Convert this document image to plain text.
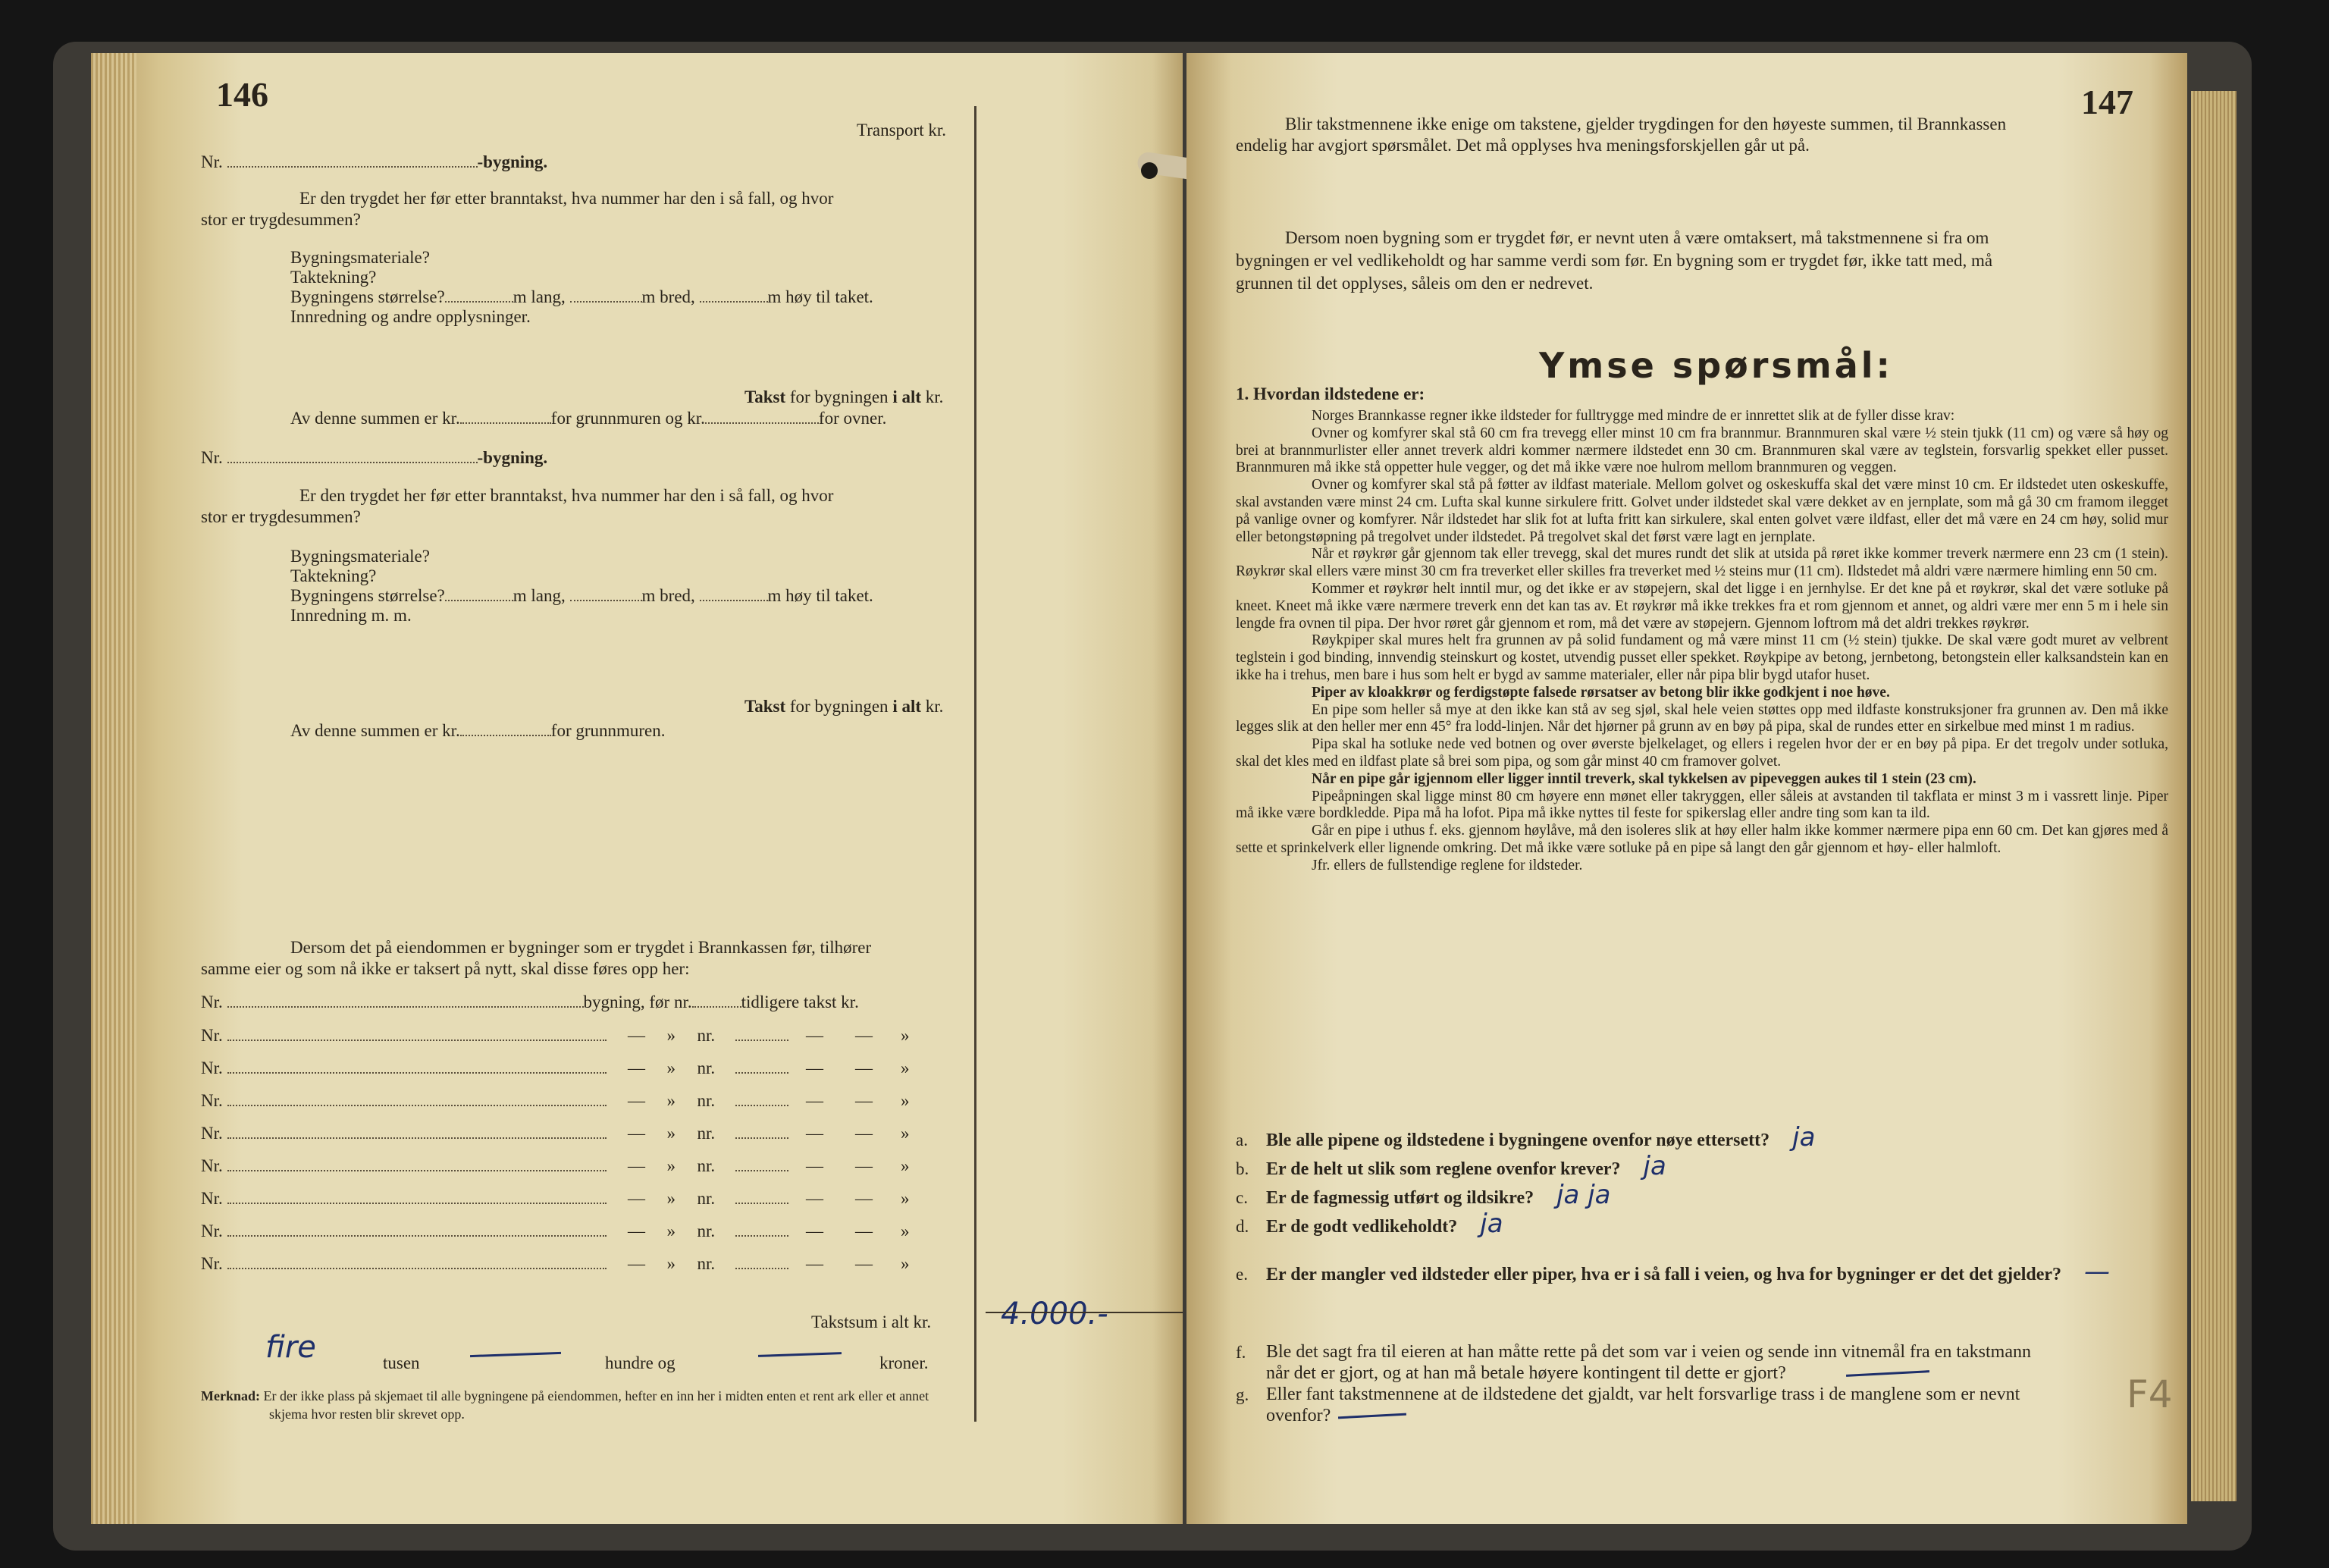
146
Transport kr.
Nr.	-bygning.
Er den trygdet her før etter branntakst, hva nummer har den i så fall, og hvor
stor er trygdesummen?
Bygningsmateriale?
Taktekning?
Bygningens størrelse?	m lang,	m bred,	m høy til taket.
Innredning og andre opplysninger.
Takst for bygningen i alt kr.
Av denne summen er kr.	for grunnmuren og kr.	for ovner.
Nr.	-bygning.
Er den trygdet her før etter branntakst, hva nummer har den i så fall, og hvor
stor er trygdesummen?
Bygningsmateriale?
Taktekning?
Bygningens størrelse?	m lang,	m bred,	m høy til taket.
Innredning m. m.
Takst for bygningen i alt kr.
Av denne summen er kr.	for grunnmuren.
Dersom det på eiendommen er bygninger som er trygdet i Brannkassen før, tilhører
samme eier og som nå ikke er taksert på nytt, skal disse føres opp her:
Nr.	bygning, før nr.	tidligere takst kr.
Nr.	— » nr.	— — »
Nr.	— » nr.	— — »
Nr.	— » nr.	— — »
Nr.	— » nr.	— — »
Nr.	— » nr.	— — »
Nr.	— » nr.	— — »
Nr.	— » nr.	— — »
Nr.	— » nr.	— — »
Takstsum i alt kr. 4.000.-
fire	tusen	hundre og	kroner.
Merknad: Er der ikke plass på skjemaet til alle bygningene på eiendommen, hefter en inn her i midten enten et rent ark eller et annet
skjema hvor resten blir skrevet opp.
147
Blir takstmennene ikke enige om takstene, gjelder trygdingen for den høyeste summen, til Brannkassen
endelig har avgjort spørsmålet. Det må opplyses hva meningsforskjellen går ut på.
Dersom noen bygning som er trygdet før, er nevnt uten å være omtaksert, må takstmennene si fra om
bygningen er vel vedlikeholdt og har samme verdi som før. En bygning som er trygdet før, ikke tatt med, må
grunnen til det opplyses, såleis om den er nedrevet.
Ymse spørsmål:
1. Hvordan ildstedene er:
Norges Brannkasse regner ikke ildsteder for fulltrygge med mindre de er innrettet slik at de fyller disse krav:
Ovner og komfyrer skal stå 60 cm fra trevegg eller minst 10 cm fra brannmur. Brannmuren skal være ½ stein tjukk (11 cm) og være så høy og brei at brannmurlister eller annet treverk aldri kommer nærmere ildstedet enn 30 cm. Brannmuren skal være av teglstein, forsvarlig spekket eller pusset. Brannmuren må ikke stå oppetter hule vegger, og det må ikke være noe hulrom mellom brannmuren og veggen.
Ovner og komfyrer skal stå på føtter av ildfast materiale. Mellom golvet og oskeskuffa skal det være minst 10 cm. Er ildstedet uten oskeskuffe, skal avstanden være minst 24 cm. Lufta skal kunne sirkulere fritt. Golvet under ildstedet skal være dekket av en jernplate, som må gå 30 cm framom ilegget på vanlige ovner og komfyrer. Når ildstedet har slik fot at lufta fritt kan sirkulere, skal enten golvet være ildfast, eller det må være en 24 cm høy, solid mur eller betongstøpning på tregolvet under ildstedet. På tregolvet skal det først være lagt en jernplate.
Når et røykrør går gjennom tak eller trevegg, skal det mures rundt det slik at utsida på røret ikke kommer treverk nærmere enn 23 cm (1 stein). Røykrør skal ellers være minst 30 cm fra treverket eller skilles fra treverket med ½ steins mur (11 cm). Ildstedet må aldri være nærmere himling enn 50 cm.
Kommer et røykrør helt inntil mur, og det ikke er av støpejern, skal det ligge i en jernhylse. Er det kne på et røykrør, skal det være sotluke på kneet. Kneet må ikke være nærmere treverk enn det kan tas av. Et røykrør må ikke trekkes fra et rom gjennom et annet, og aldri være mer enn 5 m i hele sin lengde fra ovnen til pipa. Der hvor røret går gjennom et rom, må det være av støpejern. Gjennom loftrom må det aldri trekkes røykrør.
Røykpiper skal mures helt fra grunnen av på solid fundament og må være minst 11 cm (½ stein) tjukke. De skal være godt muret av velbrent teglstein i god binding, innvendig steinskurt og kostet, utvendig pusset eller spekket. Røykpipe av betong, jernbetong, betongstein eller kalksandstein kan en ikke ha i trehus, men bare i hus som helt er bygd av samme materialer, eller når pipa blir bygd utafor huset.
Piper av kloakkrør og ferdigstøpte falsede rørsatser av betong blir ikke godkjent i noe høve.
En pipe som heller så mye at den ikke kan stå av seg sjøl, skal hele veien støttes opp med ildfaste konstruksjoner fra grunnen av. Den må ikke legges slik at den heller mer enn 45° fra lodd-linjen. Når det hjørner på grunn av en bøy på pipa, skal de rundes etter en sirkelbue med minst 1 m radius.
Pipa skal ha sotluke nede ved botnen og over øverste bjelkelaget, og ellers i regelen hvor der er en bøy på pipa. Er det tregolv under sotluka, skal det kles med en ildfast plate så brei som pipa, og som går minst 40 cm framover golvet.
Når en pipe går igjennom eller ligger inntil treverk, skal tykkelsen av pipeveggen aukes til 1 stein (23 cm).
Pipeåpningen skal ligge minst 80 cm høyere enn mønet eller takryggen, eller såleis at avstanden til takflata er minst 3 m i vassrett linje. Piper må ikke være bordkledde. Pipa må ha lofot. Pipa må ikke nyttes til feste for spikerslag eller andre ting som kan ta ild.
Går en pipe i uthus f. eks. gjennom høylåve, må den isoleres slik at høy eller halm ikke kommer nærmere pipa enn 60 cm. Det kan gjøres med å sette et sprinkelverk eller lignende omkring. Det må ikke være sotluke på en pipe så langt den går gjennom et høy- eller halmloft.
Jfr. ellers de fullstendige reglene for ildsteder.
a. Ble alle pipene og ildstedene i bygningene ovenfor nøye ettersett? ja
b. Er de helt ut slik som reglene ovenfor krever? ja
c. Er de fagmessig utført og ildsikre? ja ja
d. Er de godt vedlikeholdt? ja
e. Er der mangler ved ildsteder eller piper, hva er i så fall i veien, og hva for bygninger er det det gjelder? —
f. Ble det sagt fra til eieren at han måtte rette på det som var i veien og sende inn vitnemål fra en takstmann
når det er gjort, og at han må betale høyere kontingent til dette er gjort?
g. Eller fant takstmennene at de ildstedene det gjaldt, var helt forsvarlige trass i de manglene som er nevnt
ovenfor?	F4
